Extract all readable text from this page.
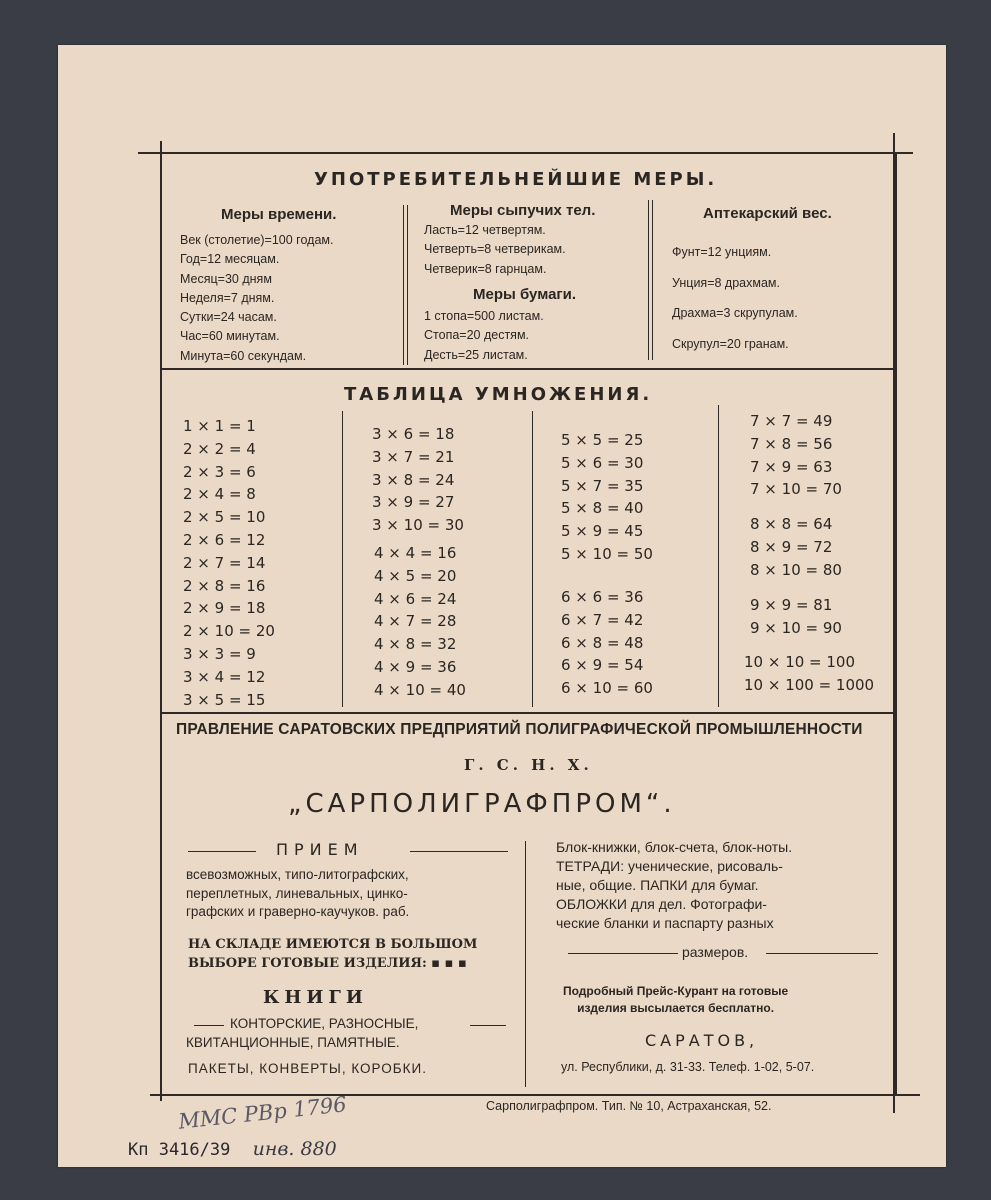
УПОТРЕБИТЕЛЬНЕЙШИЕ МЕРЫ.
Меры времени.
Век (столетие)=100 годам.
Год=12 месяцам.
Месяц=30 дням
Неделя=7 дням.
Сутки=24 часам.
Час=60 минутам.
Минута=60 секундам.
Меры сыпучих тел.
Ласть=12 четвертям.
Четверть=8 четверикам.
Четверик=8 гарнцам.
Меры бумаги.
1 стопа=500 листам.
Стопа=20 дестям.
Десть=25 листам.
Аптекарский вес.
Фунт=12 унциям.
Унция=8 драхмам.
Драхма=3 скрупулам.
Скрупул=20 гранам.
ТАБЛИЦА УМНОЖЕНИЯ.
1 × 1 = 1
2 × 2 = 4
2 × 3 = 6
2 × 4 = 8
2 × 5 = 10
2 × 6 = 12
2 × 7 = 14
2 × 8 = 16
2 × 9 = 18
2 × 10 = 20
3 × 3 = 9
3 × 4 = 12
3 × 5 = 15
3 × 6 = 18
3 × 7 = 21
3 × 8 = 24
3 × 9 = 27
3 × 10 = 30
4 × 4 = 16
4 × 5 = 20
4 × 6 = 24
4 × 7 = 28
4 × 8 = 32
4 × 9 = 36
4 × 10 = 40
5 × 5 = 25
5 × 6 = 30
5 × 7 = 35
5 × 8 = 40
5 × 9 = 45
5 × 10 = 50
6 × 6 = 36
6 × 7 = 42
6 × 8 = 48
6 × 9 = 54
6 × 10 = 60
7 × 7 = 49
7 × 8 = 56
7 × 9 = 63
7 × 10 = 70
8 × 8 = 64
8 × 9 = 72
8 × 10 = 80
9 × 9 = 81
9 × 10 = 90
10 × 10 = 100
10 × 100 = 1000
ПРАВЛЕНИЕ САРАТОВСКИХ ПРЕДПРИЯТИЙ ПОЛИГРАФИЧЕСКОЙ ПРОМЫШЛЕННОСТИ
Г. С. Н. Х.
„САРПОЛИГРАФПРОМ“.
ПРИЕМ
всевозможных, типо-литографских,
переплетных, линевальных, цинко-
графских и граверно-каучуков. раб.
НА СКЛАДЕ ИМЕЮТСЯ В БОЛЬШОМ
ВЫБОРЕ ГОТОВЫЕ ИЗДЕЛИЯ: ▪ ▪ ▪
КНИГИ
КОНТОРСКИЕ, РАЗНОСНЫЕ,
КВИТАНЦИОННЫЕ, ПАМЯТНЫЕ.
ПАКЕТЫ, КОНВЕРТЫ, КОРОБКИ.
Блок-книжки, блок-счета, блок-ноты.
ТЕТРАДИ: ученические, рисоваль-
ные, общие. ПАПКИ для бумаг.
ОБЛОЖКИ для дел. Фотографи-
ческие бланки и паспарту разных
размеров.
Подробный Прейс-Курант на готовые
изделия высылается бесплатно.
САРАТОВ,
ул. Республики, д. 31-33. Телеф. 1-02, 5-07.
Сарполиграфпром. Тип. № 10, Астраханская, 52.
ММС РВр 1796
Кп 3416/39 инв. 880
